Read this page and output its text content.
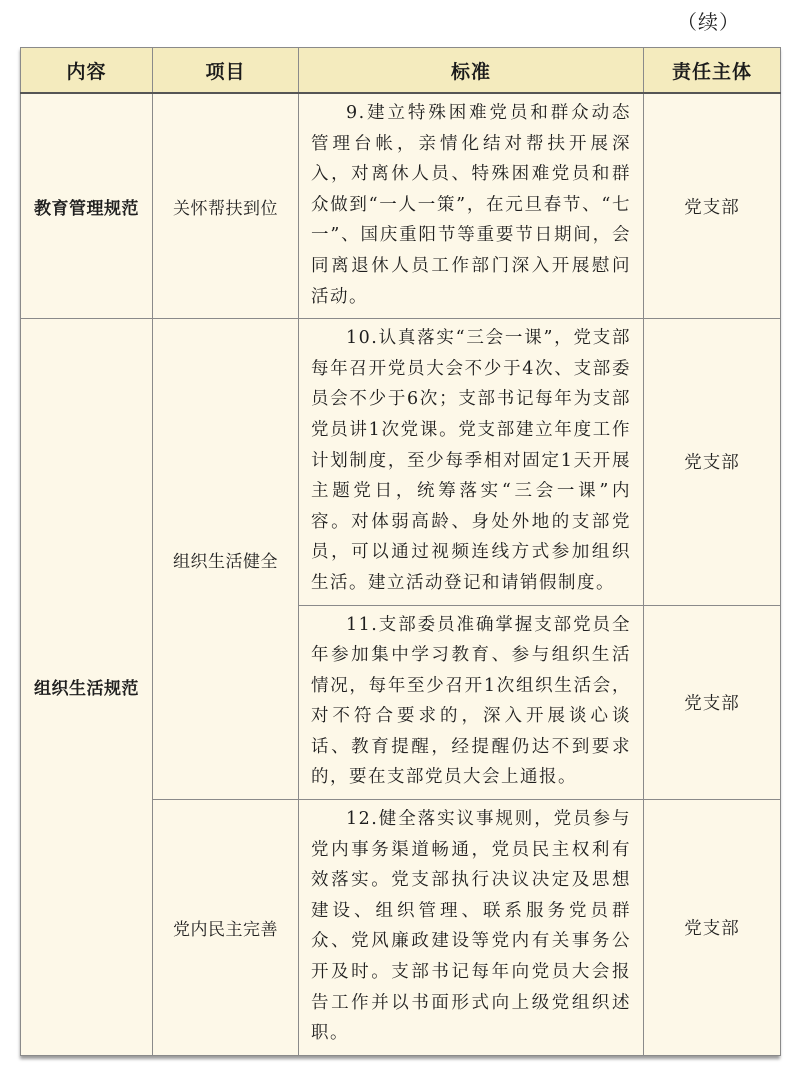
（续）
内容	项目	标准	责任主体
教育管理规范	关怀帮扶到位	9.建立特殊困难党员和群众动态管理台帐，亲情化结对帮扶开展深入，对离休人员、特殊困难党员和群众做到“一人一策”，在元旦春节、“七一”、国庆重阳节等重要节日期间，会同离退休人员工作部门深入开展慰问活动。	党支部
组织生活规范	组织生活健全	10.认真落实“三会一课”，党支部每年召开党员大会不少于4次、支部委员会不少于6次；支部书记每年为支部党员讲1次党课。党支部建立年度工作计划制度，至少每季相对固定1天开展主题党日，统筹落实“三会一课”内容。对体弱高龄、身处外地的支部党员，可以通过视频连线方式参加组织生活。建立活动登记和请销假制度。	党支部
		11.支部委员准确掌握支部党员全年参加集中学习教育、参与组织生活情况，每年至少召开1次组织生活会，对不符合要求的，深入开展谈心谈话、教育提醒，经提醒仍达不到要求的，要在支部党员大会上通报。	党支部
	党内民主完善	12.健全落实议事规则，党员参与党内事务渠道畅通，党员民主权利有效落实。党支部执行决议决定及思想建设、组织管理、联系服务党员群众、党风廉政建设等党内有关事务公开及时。支部书记每年向党员大会报告工作并以书面形式向上级党组织述职。	党支部
